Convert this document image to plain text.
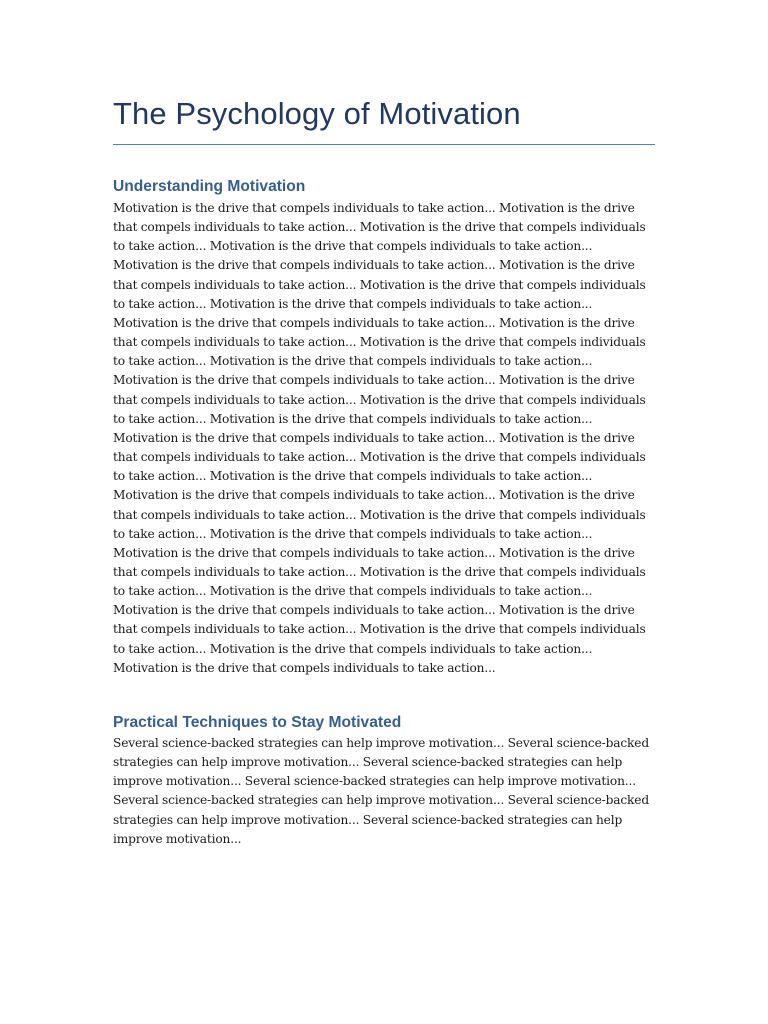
The Psychology of Motivation
Understanding Motivation

Motivation is the drive that compels individuals to take action... Motivation is the drive that compels individuals to take action... Motivation is the drive that compels individuals to take action... Motivation is the drive that compels individuals to take action... Motivation is the drive that compels individuals to take action... Motivation is the drive that compels individuals to take action... Motivation is the drive that compels individuals to take action... Motivation is the drive that compels individuals to take action... Motivation is the drive that compels individuals to take action... Motivation is the drive that compels individuals to take action... Motivation is the drive that compels individuals to take action... Motivation is the drive that compels individuals to take action... Motivation is the drive that compels individuals to take action... Motivation is the drive that compels individuals to take action... Motivation is the drive that compels individuals to take action... Motivation is the drive that compels individuals to take action... Motivation is the drive that compels individuals to take action... Motivation is the drive that compels individuals to take action... Motivation is the drive that compels individuals to take action... Motivation is the drive that compels individuals to take action... Motivation is the drive that compels individuals to take action... Motivation is the drive that compels individuals to take action... Motivation is the drive that compels individuals to take action... Motivation is the drive that compels individuals to take action... Motivation is the drive that compels individuals to take action... Motivation is the drive that compels individuals to take action... Motivation is the drive that compels individuals to take action... Motivation is the drive that compels individuals to take action... Motivation is the drive that compels individuals to take action... Motivation is the drive that compels individuals to take action... Motivation is the drive that compels individuals to take action... Motivation is the drive that compels individuals to take action... Motivation is the drive that compels individuals to take action...

Practical Techniques to Stay Motivated

Several science-backed strategies can help improve motivation... Several science-backed strategies can help improve motivation... Several science-backed strategies can help improve motivation... Several science-backed strategies can help improve motivation... Several science-backed strategies can help improve motivation... Several science-backed strategies can help improve motivation... Several science-backed strategies can help improve motivation...
